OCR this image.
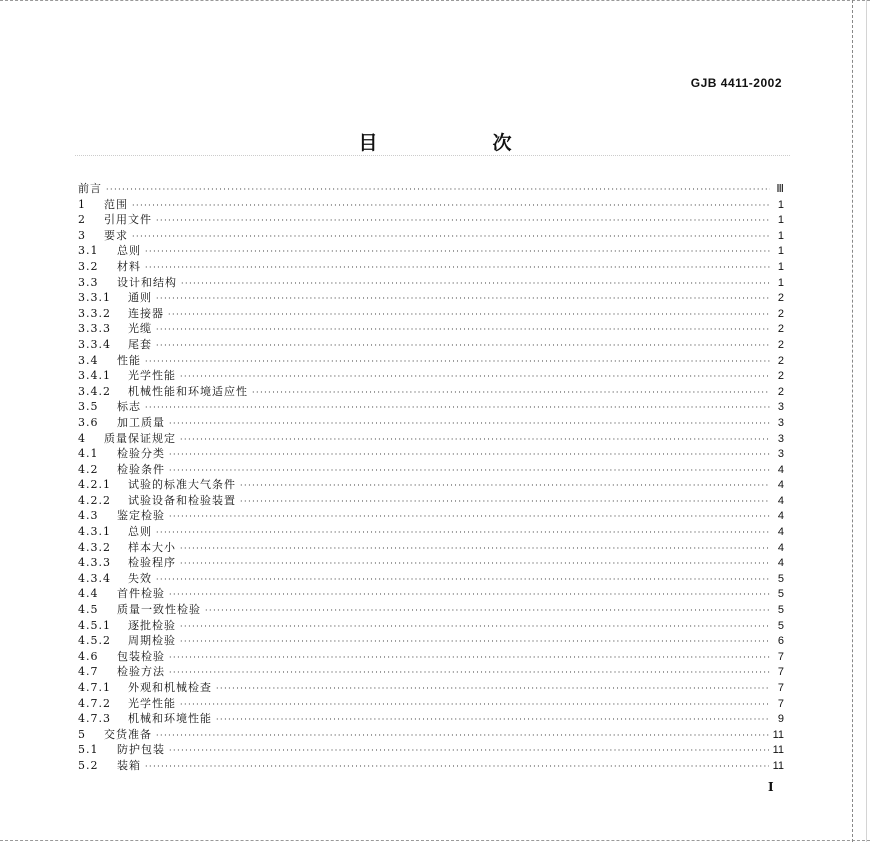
GJB 4411-2002
目　次
前言 ·····	Ⅲ
1	范围 ·····	1
2	引用文件 ·····	1
3	要求 ·····	1
3.1	总则 ·····	1
3.2	材料 ·····	1
3.3	设计和结构 ·····	1
3.3.1	通则 ·····	2
3.3.2	连接器 ·····	2
3.3.3	光缆 ·····	2
3.3.4	尾套 ·····	2
3.4	性能 ·····	2
3.4.1	光学性能 ·····	2
3.4.2	机械性能和环境适应性 ·····	2
3.5	标志 ·····	3
3.6	加工质量 ·····	3
4	质量保证规定 ·····	3
4.1	检验分类 ·····	3
4.2	检验条件 ·····	4
4.2.1	试验的标准大气条件 ·····	4
4.2.2	试验设备和检验装置 ·····	4
4.3	鉴定检验 ·····	4
4.3.1	总则 ·····	4
4.3.2	样本大小 ·····	4
4.3.3	检验程序 ·····	4
4.3.4	失效 ·····	5
4.4	首件检验 ·····	5
4.5	质量一致性检验 ·····	5
4.5.1	逐批检验 ·····	5
4.5.2	周期检验 ·····	6
4.6	包装检验 ·····	7
4.7	检验方法 ·····	7
4.7.1	外观和机械检查 ·····	7
4.7.2	光学性能 ·····	7
4.7.3	机械和环境性能 ·····	9
5	交货准备 ·····	11
5.1	防护包装 ·····	11
5.2	装箱 ·····	11
I
